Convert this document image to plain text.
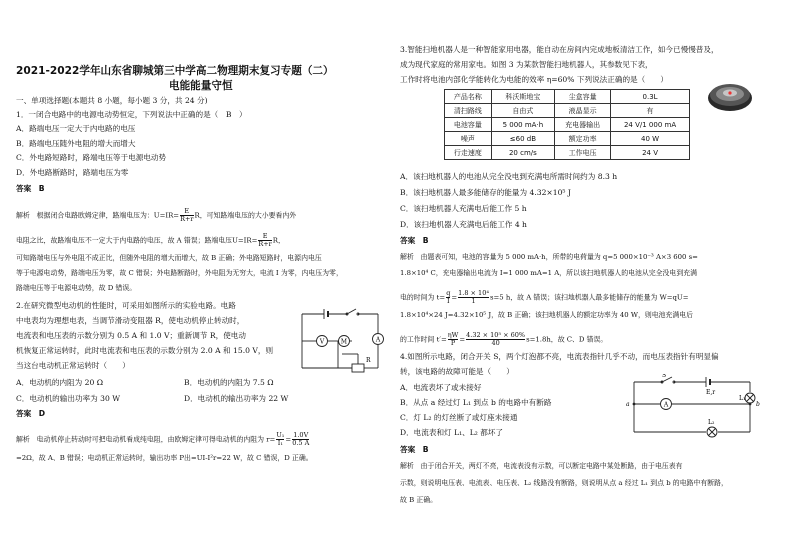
2021-2022学年山东省聊城第三中学高二物理期末复习专题（二）
电能能量守恒
一、单项选择题(本题共 8 小题，每小题 3 分，共 24 分)
1．一闭合电路中的电源电动势恒定，下列说法中正确的是（　B　）
A．路端电压一定大于内电路的电压
B．路端电压随外电阻的增大而增大
C．外电路短路时，路端电压等于电源电动势
D．外电路断路时，路端电压为零
答案　B
解析　根据闭合电路欧姆定律，路端电压为：$U=IR= \frac{E}{R+r}$ R，可知路端电压的大小要看内外
电阻之比，故路端电压不一定大于内电路的电压，故 A 错误；路端电压$U=IR= \frac{E}{R+r}$ R，
可知路端电压与外电阻不成正比，但随外电阻的增大而增大，故 B 正确；外电路短路时，电源内电压
等于电源电动势，路端电压为零，故 C 错误；外电路断路时，外电阻为无穷大，电流 I 为零，内电压为零，
路端电压等于电源电动势，故 D 错误。
2.在研究微型电动机的性能时，可采用如图所示的实验电路。电路
中电表均为理想电表，当调节滑动变阻器 R，使电动机停止转动时，
电流表和电压表的示数分别为 0.5 A 和 1.0 V；重新调节 R，使电动
机恢复正常运转时，此时电流表和电压表的示数分别为 2.0 A 和 15.0 V，则
当这台电动机正常运转时（　　）
A．电动机的内阻为 20 Ω	B．电动机的内阻为 7.5 Ω
C．电动机的输出功率为 30 W	D．电动机的输出功率为 22 W
答案　D
解析　电动机停止转动时可把电动机看成纯电阻，由欧姆定律可得电动机的内阻为 $r= \frac{\text{U₁}}{\text{I₁}} = \frac{1.0V}{0.5 A}$
=2Ω，故 A、B 错误；电动机正常运转时，输出功率 P出=UI-I²r=22 W，故 C 错误，D 正确。
A
V	M
R
3.智能扫地机器人是一种智能家用电器，能自动在房间内完成地板清洁工作，如今已慢慢普及，
成为现代家庭的常用家电。如图 3 为某款智能扫地机器人，其参数见下表，
工作时将电池内部化学能转化为电能的效率 η=60% 下列说法正确的是（　　）
产品名称	科沃斯地宝	尘盒容量	0.3L
清扫路线	自由式	液晶显示	有
电池容量	5 000 mA·h	充电器输出	24 V/1 000 mA
噪声	≤60 dB	额定功率	40 W
行走速度	20 cm/s	工作电压	24 V
A．该扫地机器人的电池从完全没电到充满电所需时间约为 8.3 h
B．该扫地机器人最多能储存的能量为 4.32×10⁵ J
C．该扫地机器人充满电后能工作 5 h
D．该扫地机器人充满电后能工作 4 h
答案　B
解析　由题表可知，电池的容量为 5 000 mA·h，所带的电荷量为 q=5 000×10⁻³ A×3 600 s=
1.8×10⁴ C，充电器输出电流为 I=1 000 mA=1 A，所以该扫地机器人的电池从完全没电到充满
电的时间为 $t= \frac{q}{I} = \frac{\text{1.8 × 10⁴}}{1} s=5$ h，故 A 错误；该扫地机器人最多能储存的能量为 W=qU=
1.8×10⁴×24 J=4.32×10⁵ J，故 B 正确；该扫地机器人的额定功率为 40 W，则电池充满电后
的工作时间 $t'= \frac{\eta W}{P} = \frac{\text{4.32 × 10⁵ × 60\%}}{40} s=1.8h$，故 C、D 错误。
4.如图所示电路，闭合开关 S，两个灯泡都不亮，电流表指针几乎不动，而电压表指针有明显偏
转，该电路的故障可能是（　　）
A．电流表坏了或未接好
B．从点 a 经过灯 L₁ 到点 b 的电路中有断路
C．灯 L₂ 的灯丝断了或灯座未接通
D．电流表和灯 L₁、L₂ 都坏了
答案　B
解析　由于闭合开关，两灯不亮，电流表没有示数，可以断定电路中某处断路，由于电压表有
示数，则说明电压表、电流表、电压表、L₂ 线路没有断路，则说明从点 a 经过 L₁ 到点 b 的电路中有断路，
故 B 正确。
A
S
E,r
L₁
L₂
a	b
